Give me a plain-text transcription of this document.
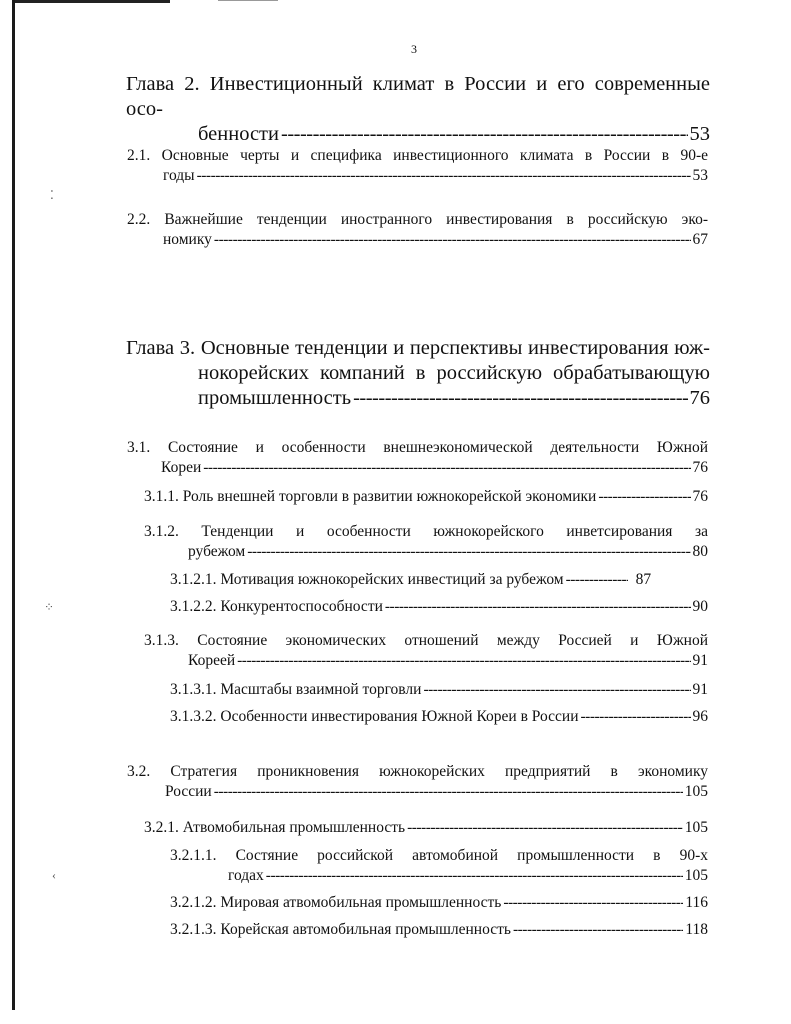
⁚
⁘
‹
3
Глава 2. Инвестиционный климат в России и его современные осо-
бенности -----	53
2.1. Основные черты и специфика инвестиционного климата в России в 90-е
годы -----	53
2.2. Важнейшие тенденции иностранного инвестирования в российскую эко-
номику -----	67
Глава 3. Основные тенденции и перспективы инвестирования юж-
нокорейских компаний в российскую обрабатывающую
промышленность -----	76
3.1. Состояние и особенности внешнеэкономической деятельности Южной
Кореи -----	76
3.1.1. Роль внешней торговли в развитии южнокорейской экономики -----	76
3.1.2. Тенденции и особенности южнокорейского инветсирования за
рубежом -----	80
3.1.2.1. Мотивация южнокорейских инвестиций за рубежом -----	87
3.1.2.2. Конкурентоспособности -----	90
3.1.3. Состояние экономических отношений между Россией и Южной
Кореей -----	91
3.1.3.1. Масштабы взаимной торговли -----	91
3.1.3.2. Особенности инвестирования Южной Кореи в России -----	96
3.2. Стратегия проникновения южнокорейских предприятий в экономику
России -----	105
3.2.1. Атвомобильная промышленность -----	105
3.2.1.1. Состяние российской автомобиной промышленности в 90-х
годах -----	105
3.2.1.2. Мировая атвомобильная промышленность -----	116
3.2.1.3. Корейская автомобильная промышленность -----	118
